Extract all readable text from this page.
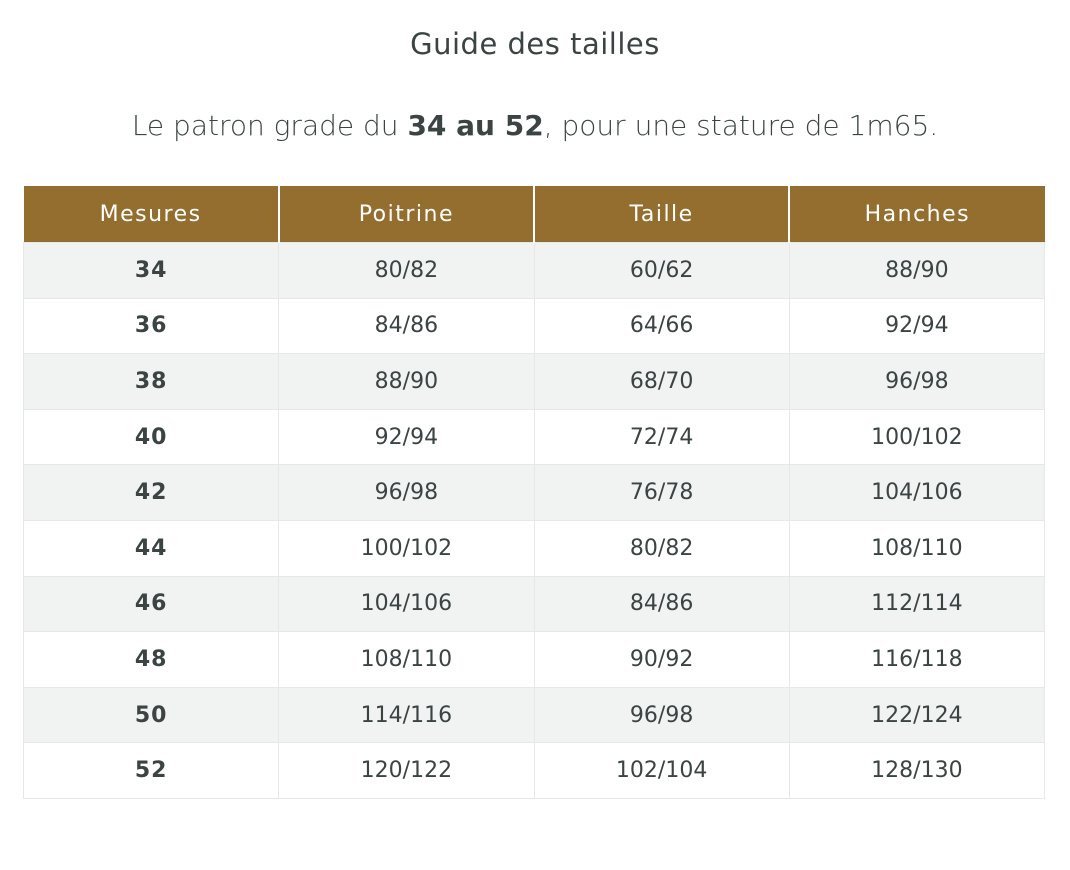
Guide des tailles
Le patron grade du 34 au 52, pour une stature de 1m65.
Mesures	Poitrine	Taille	Hanches
34	80/82	60/62	88/90
36	84/86	64/66	92/94
38	88/90	68/70	96/98
40	92/94	72/74	100/102
42	96/98	76/78	104/106
44	100/102	80/82	108/110
46	104/106	84/86	112/114
48	108/110	90/92	116/118
50	114/116	96/98	122/124
52	120/122	102/104	128/130
